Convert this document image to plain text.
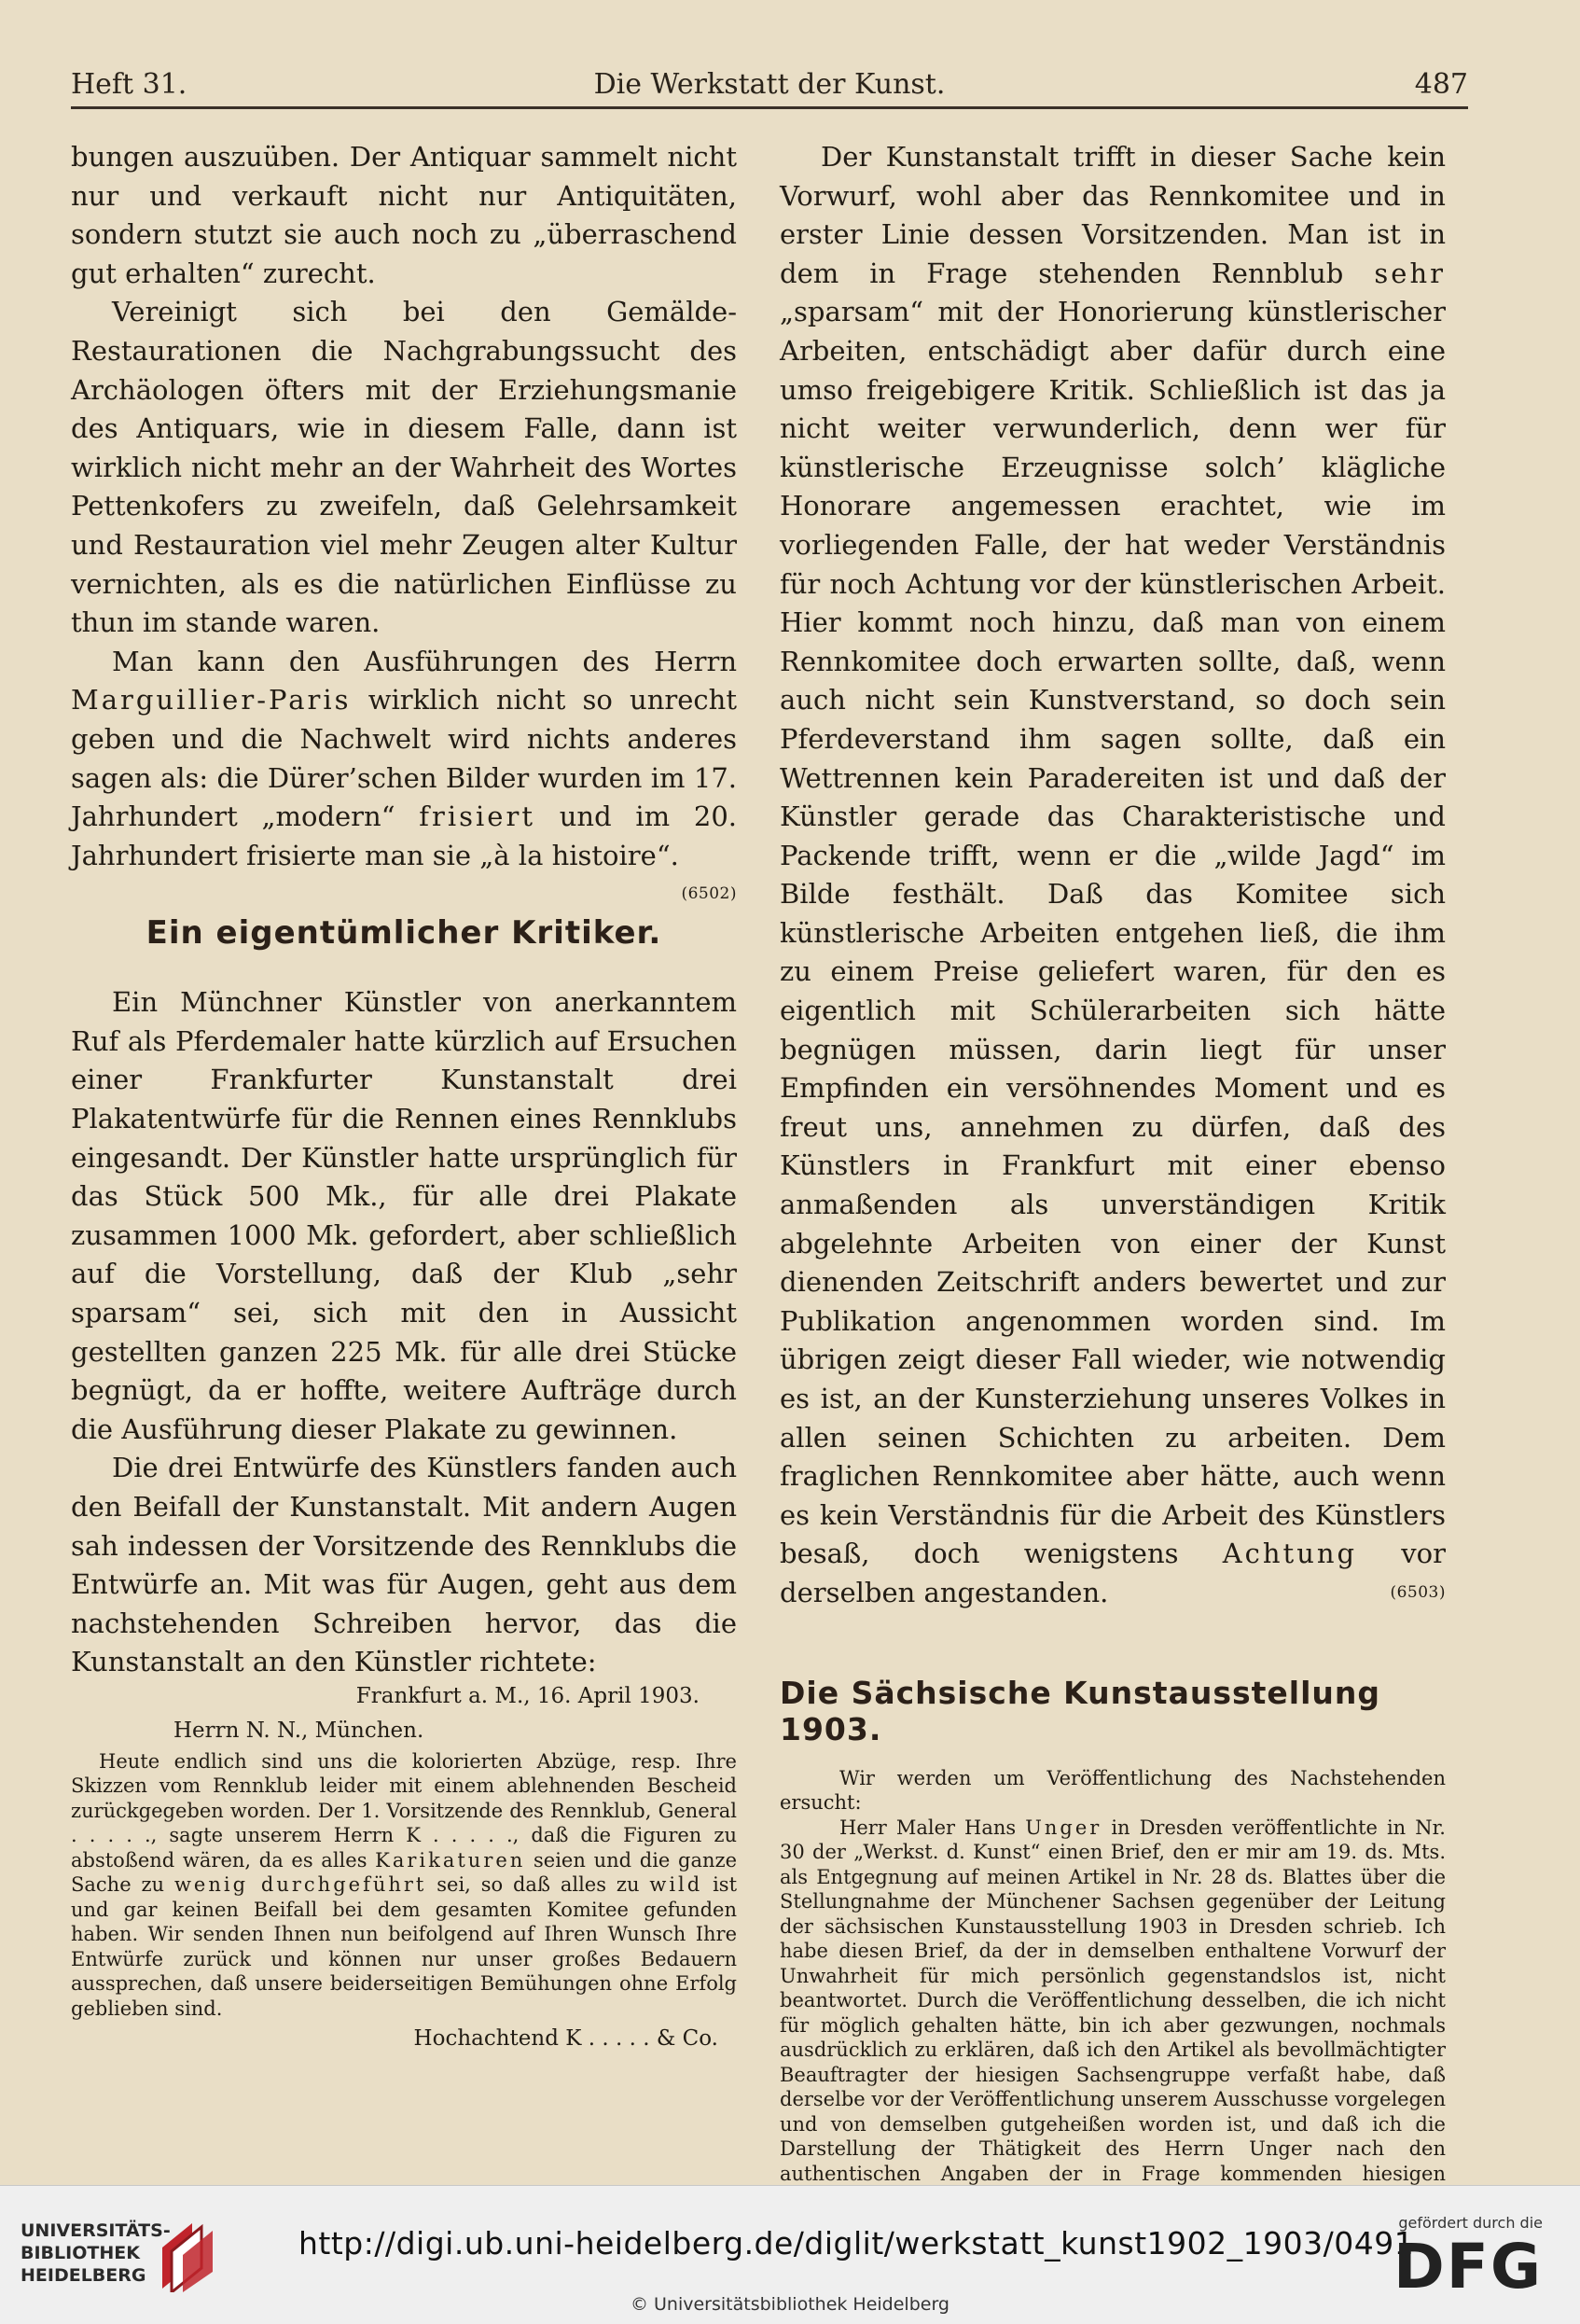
Heft 31.	Die Werkstatt der Kunst.	487

bungen auszuüben. Der Antiquar sammelt nicht nur und verkauft nicht nur Antiquitäten, sondern stutzt sie auch noch zu „überraschend gut erhalten“ zurecht.

Vereinigt sich bei den Gemälde-Restaurationen die Nachgrabungssucht des Archäologen öfters mit der Erziehungsmanie des Antiquars, wie in diesem Falle, dann ist wirklich nicht mehr an der Wahrheit des Wortes Pettenkofers zu zweifeln, daß Gelehrsamkeit und Restauration viel mehr Zeugen alter Kultur vernichten, als es die natürlichen Einflüsse zu thun im stande waren.

Man kann den Ausführungen des Herrn Marguillier-Paris wirklich nicht so unrecht geben und die Nachwelt wird nichts anderes sagen als: die Dürer’schen Bilder wurden im 17. Jahrhundert „modern“ frisiert und im 20. Jahrhundert frisierte man sie „à la histoire“.
(6502)

Ein eigentümlicher Kritiker.

Ein Münchner Künstler von anerkanntem Ruf als Pferdemaler hatte kürzlich auf Ersuchen einer Frankfurter Kunstanstalt drei Plakatentwürfe für die Rennen eines Rennklubs eingesandt. Der Künstler hatte ursprünglich für das Stück 500 Mk., für alle drei Plakate zusammen 1000 Mk. gefordert, aber schließlich auf die Vorstellung, daß der Klub „sehr sparsam“ sei, sich mit den in Aussicht gestellten ganzen 225 Mk. für alle drei Stücke begnügt, da er hoffte, weitere Aufträge durch die Ausführung dieser Plakate zu gewinnen.

Die drei Entwürfe des Künstlers fanden auch den Beifall der Kunstanstalt. Mit andern Augen sah indessen der Vorsitzende des Rennklubs die Entwürfe an. Mit was für Augen, geht aus dem nachstehenden Schreiben hervor, das die Kunstanstalt an den Künstler richtete:

Frankfurt a. M., 16. April 1903.

Herrn N. N., München.

Heute endlich sind uns die kolorierten Abzüge, resp. Ihre Skizzen vom Rennklub leider mit einem ablehnenden Bescheid zurückgegeben worden. Der 1. Vorsitzende des Rennklub, General . . . . ., sagte unserem Herrn K . . . . ., daß die Figuren zu abstoßend wären, da es alles Karikaturen seien und die ganze Sache zu wenig durchgeführt sei, so daß alles zu wild ist und gar keinen Beifall bei dem gesamten Komitee gefunden haben. Wir senden Ihnen nun beifolgend auf Ihren Wunsch Ihre Entwürfe zurück und können nur unser großes Bedauern aussprechen, daß unsere beiderseitigen Bemühungen ohne Erfolg geblieben sind.

Hochachtend K . . . . . & Co.

Der Kunstanstalt trifft in dieser Sache kein Vorwurf, wohl aber das Rennkomitee und in erster Linie dessen Vorsitzenden. Man ist in dem in Frage stehenden Rennblub sehr „sparsam“ mit der Honorierung künstlerischer Arbeiten, entschädigt aber dafür durch eine umso freigebigere Kritik. Schließlich ist das ja nicht weiter verwunderlich, denn wer für künstlerische Erzeugnisse solch’ klägliche Honorare angemessen erachtet, wie im vorliegenden Falle, der hat weder Verständnis für noch Achtung vor der künstlerischen Arbeit. Hier kommt noch hinzu, daß man von einem Rennkomitee doch erwarten sollte, daß, wenn auch nicht sein Kunstverstand, so doch sein Pferdeverstand ihm sagen sollte, daß ein Wettrennen kein Paradereiten ist und daß der Künstler gerade das Charakteristische und Packende trifft, wenn er die „wilde Jagd“ im Bilde festhält. Daß das Komitee sich künstlerische Arbeiten entgehen ließ, die ihm zu einem Preise geliefert waren, für den es eigentlich mit Schülerarbeiten sich hätte begnügen müssen, darin liegt für unser Empfinden ein versöhnendes Moment und es freut uns, annehmen zu dürfen, daß des Künstlers in Frankfurt mit einer ebenso anmaßenden als unverständigen Kritik abgelehnte Arbeiten von einer der Kunst dienenden Zeitschrift anders bewertet und zur Publikation angenommen worden sind. Im übrigen zeigt dieser Fall wieder, wie notwendig es ist, an der Kunsterziehung unseres Volkes in allen seinen Schichten zu arbeiten. Dem fraglichen Rennkomitee aber hätte, auch wenn es kein Verständnis für die Arbeit des Künstlers besaß, doch wenigstens Achtung vor derselben angestanden.	(6503)

Die Sächsische Kunstausstellung 1903.

Wir werden um Veröffentlichung des Nachstehenden ersucht:

Herr Maler Hans Unger in Dresden veröffentlichte in Nr. 30 der „Werkst. d. Kunst“ einen Brief, den er mir am 19. ds. Mts. als Entgegnung auf meinen Artikel in Nr. 28 ds. Blattes über die Stellungnahme der Münchener Sachsen gegenüber der Leitung der sächsischen Kunstausstellung 1903 in Dresden schrieb. Ich habe diesen Brief, da der in demselben enthaltene Vorwurf der Unwahrheit für mich persönlich gegenstandslos ist, nicht beantwortet. Durch die Veröffentlichung desselben, die ich nicht für möglich gehalten hätte, bin ich aber gezwungen, nochmals ausdrücklich zu erklären, daß ich den Artikel als bevollmächtigter Beauftragter der hiesigen Sachsengruppe verfaßt habe, daß derselbe vor der Veröffentlichung unserem Ausschusse vorgelegen und von demselben gutgeheißen worden ist, und daß ich die Darstellung der Thätigkeit des Herrn Unger nach den authentischen Angaben der in Frage kommenden hiesigen

UNIVERSITÄTS-
BIBLIOTHEK
HEIDELBERG
http://digi.ub.uni-heidelberg.de/diglit/werkstatt_kunst1902_1903/0491
© Universitätsbibliothek Heidelberg
gefördert durch die
DFG
